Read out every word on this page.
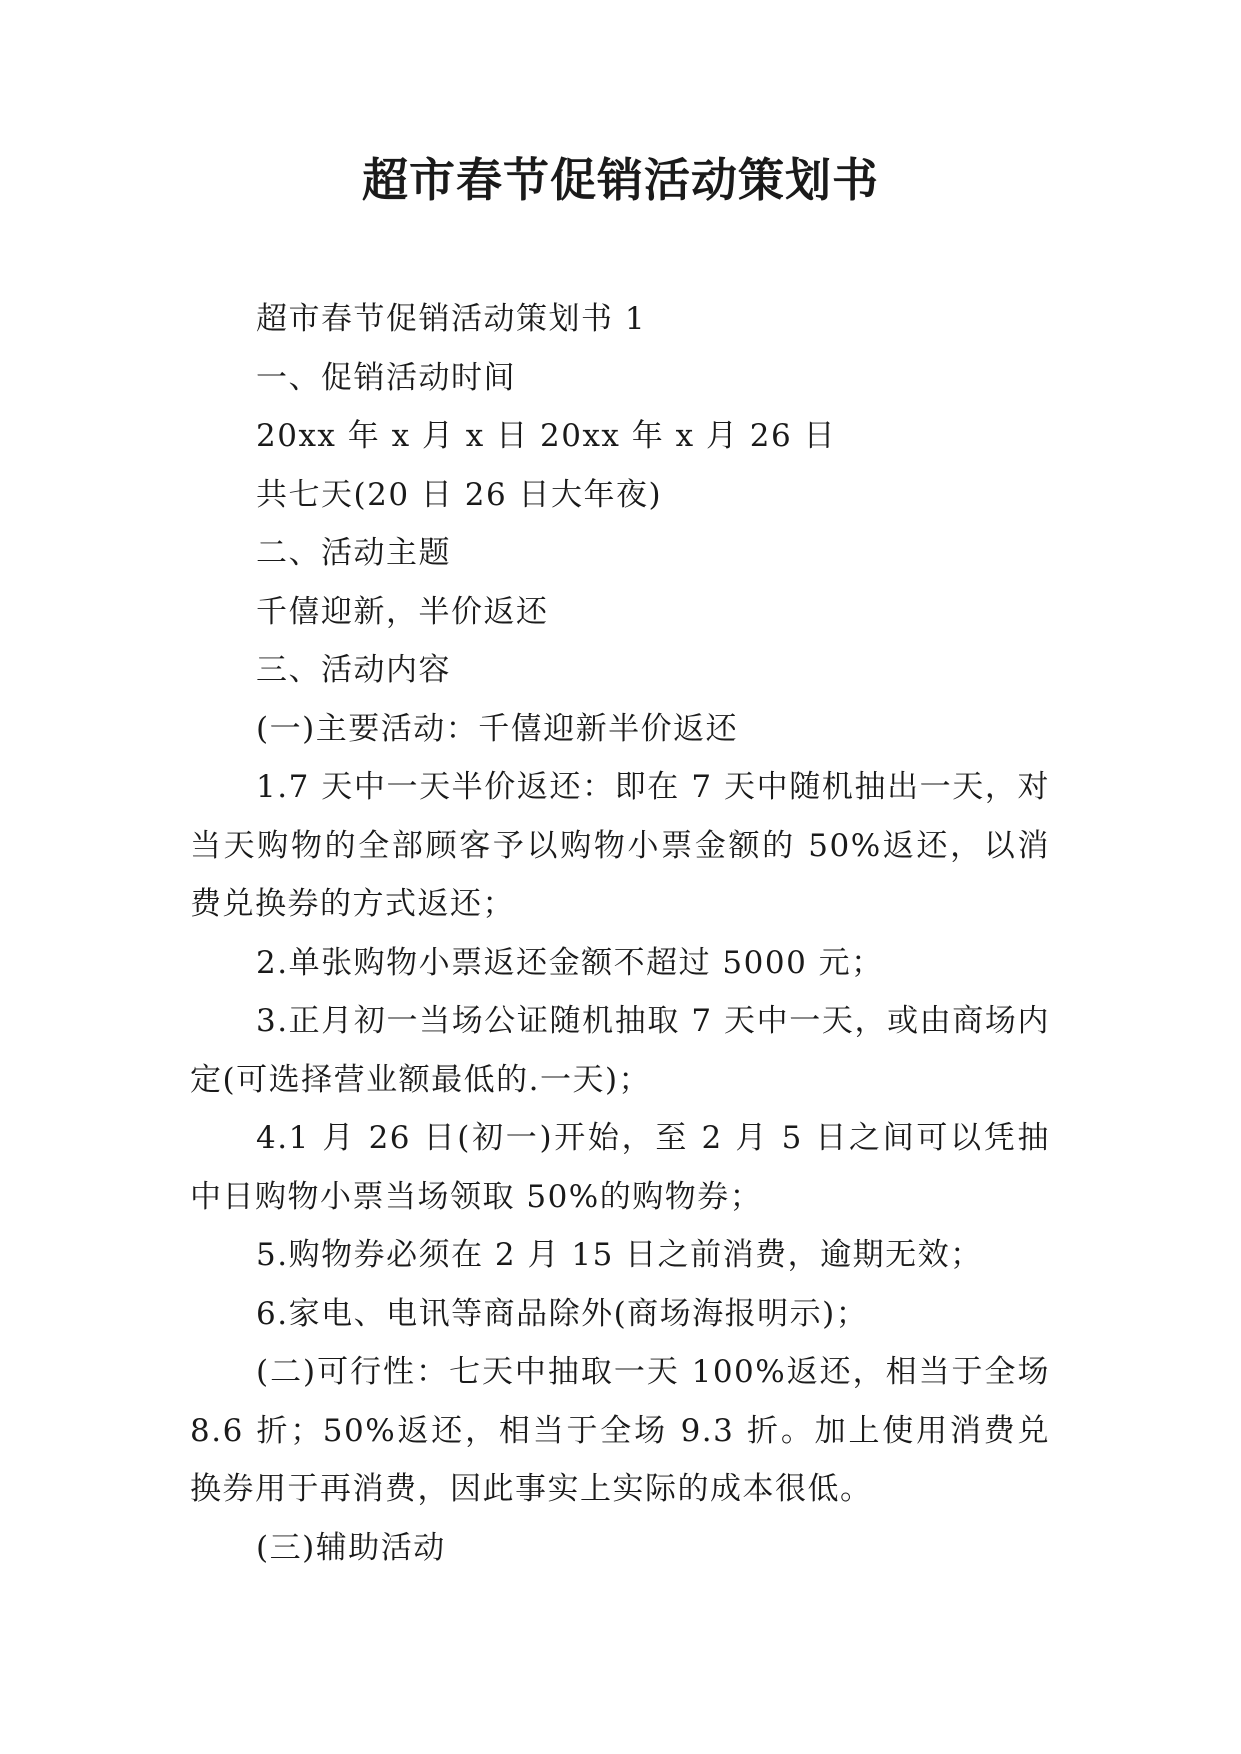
超市春节促销活动策划书

超市春节促销活动策划书 1

一、促销活动时间

20xx 年 x 月 x 日 20xx 年 x 月 26 日

共七天(20 日 26 日大年夜)

二、活动主题

千僖迎新，半价返还

三、活动内容

(一)主要活动：千僖迎新半价返还

1.7 天中一天半价返还：即在 7 天中随机抽出一天，对当天购物的全部顾客予以购物小票金额的 50%返还，以消费兑换券的方式返还；

2.单张购物小票返还金额不超过 5000 元；

3.正月初一当场公证随机抽取 7 天中一天，或由商场内定(可选择营业额最低的.一天)；

4.1 月 26 日(初一)开始，至 2 月 5 日之间可以凭抽中日购物小票当场领取 50%的购物券；

5.购物券必须在 2 月 15 日之前消费，逾期无效；

6.家电、电讯等商品除外(商场海报明示)；

(二)可行性：七天中抽取一天 100%返还，相当于全场 8.6 折；50%返还，相当于全场 9.3 折。加上使用消费兑换券用于再消费，因此事实上实际的成本很低。

(三)辅助活动
